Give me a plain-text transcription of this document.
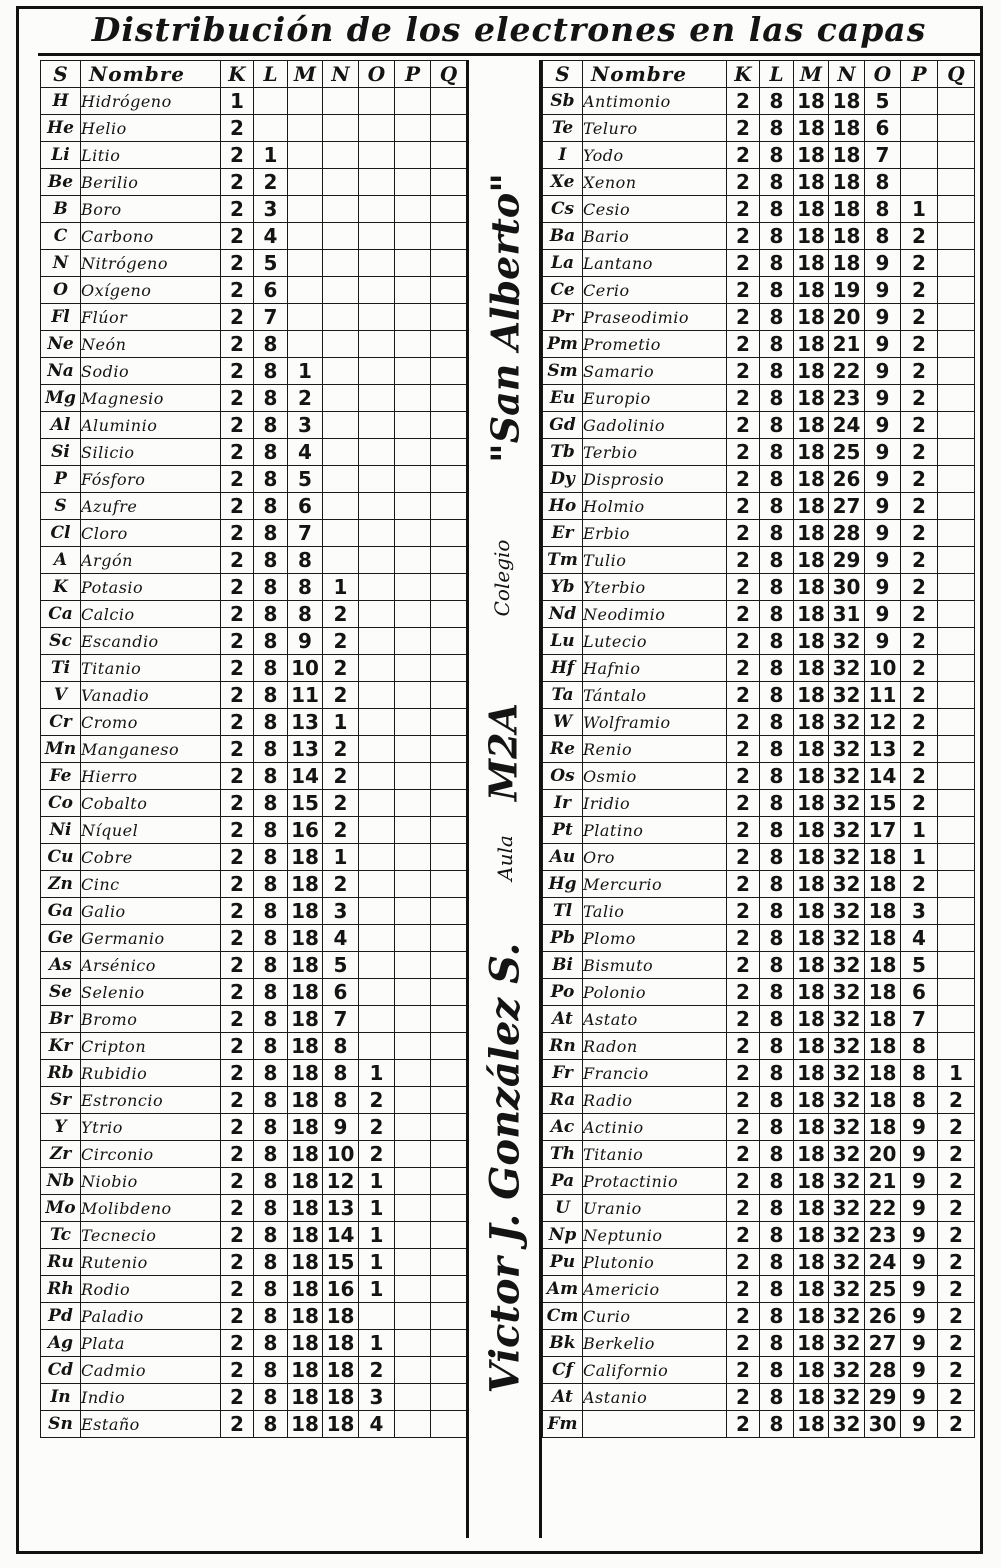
Distribución de los electrones en las capas
S	Nombre	K	L	M	N	O	P	Q
H	Hidrógeno	1						
He	Helio	2						
Li	Litio	2	1					
Be	Berilio	2	2					
B	Boro	2	3					
C	Carbono	2	4					
N	Nitrógeno	2	5					
O	Oxígeno	2	6					
Fl	Flúor	2	7					
Ne	Neón	2	8					
Na	Sodio	2	8	1				
Mg	Magnesio	2	8	2				
Al	Aluminio	2	8	3				
Si	Silicio	2	8	4				
P	Fósforo	2	8	5				
S	Azufre	2	8	6				
Cl	Cloro	2	8	7				
A	Argón	2	8	8				
K	Potasio	2	8	8	1			
Ca	Calcio	2	8	8	2			
Sc	Escandio	2	8	9	2			
Ti	Titanio	2	8	10	2			
V	Vanadio	2	8	11	2			
Cr	Cromo	2	8	13	1			
Mn	Manganeso	2	8	13	2			
Fe	Hierro	2	8	14	2			
Co	Cobalto	2	8	15	2			
Ni	Níquel	2	8	16	2			
Cu	Cobre	2	8	18	1			
Zn	Cinc	2	8	18	2			
Ga	Galio	2	8	18	3			
Ge	Germanio	2	8	18	4			
As	Arsénico	2	8	18	5			
Se	Selenio	2	8	18	6			
Br	Bromo	2	8	18	7			
Kr	Cripton	2	8	18	8			
Rb	Rubidio	2	8	18	8	1		
Sr	Estroncio	2	8	18	8	2		
Y	Ytrio	2	8	18	9	2		
Zr	Circonio	2	8	18	10	2		
Nb	Niobio	2	8	18	12	1		
Mo	Molibdeno	2	8	18	13	1		
Tc	Tecnecio	2	8	18	14	1		
Ru	Rutenio	2	8	18	15	1		
Rh	Rodio	2	8	18	16	1		
Pd	Paladio	2	8	18	18			
Ag	Plata	2	8	18	18	1		
Cd	Cadmio	2	8	18	18	2		
In	Indio	2	8	18	18	3		
Sn	Estaño	2	8	18	18	4		
"San Alberto"
Colegio
M2A
Aula
Victor J. González S.
S	Nombre	K	L	M	N	O	P	Q
Sb	Antimonio	2	8	18	18	5		
Te	Teluro	2	8	18	18	6		
I	Yodo	2	8	18	18	7		
Xe	Xenon	2	8	18	18	8		
Cs	Cesio	2	8	18	18	8	1	
Ba	Bario	2	8	18	18	8	2	
La	Lantano	2	8	18	18	9	2	
Ce	Cerio	2	8	18	19	9	2	
Pr	Praseodimio	2	8	18	20	9	2	
Pm	Prometio	2	8	18	21	9	2	
Sm	Samario	2	8	18	22	9	2	
Eu	Europio	2	8	18	23	9	2	
Gd	Gadolinio	2	8	18	24	9	2	
Tb	Terbio	2	8	18	25	9	2	
Dy	Disprosio	2	8	18	26	9	2	
Ho	Holmio	2	8	18	27	9	2	
Er	Erbio	2	8	18	28	9	2	
Tm	Tulio	2	8	18	29	9	2	
Yb	Yterbio	2	8	18	30	9	2	
Nd	Neodimio	2	8	18	31	9	2	
Lu	Lutecio	2	8	18	32	9	2	
Hf	Hafnio	2	8	18	32	10	2	
Ta	Tántalo	2	8	18	32	11	2	
W	Wolframio	2	8	18	32	12	2	
Re	Renio	2	8	18	32	13	2	
Os	Osmio	2	8	18	32	14	2	
Ir	Iridio	2	8	18	32	15	2	
Pt	Platino	2	8	18	32	17	1	
Au	Oro	2	8	18	32	18	1	
Hg	Mercurio	2	8	18	32	18	2	
Tl	Talio	2	8	18	32	18	3	
Pb	Plomo	2	8	18	32	18	4	
Bi	Bismuto	2	8	18	32	18	5	
Po	Polonio	2	8	18	32	18	6	
At	Astato	2	8	18	32	18	7	
Rn	Radon	2	8	18	32	18	8	
Fr	Francio	2	8	18	32	18	8	1
Ra	Radio	2	8	18	32	18	8	2
Ac	Actinio	2	8	18	32	18	9	2
Th	Titanio	2	8	18	32	20	9	2
Pa	Protactinio	2	8	18	32	21	9	2
U	Uranio	2	8	18	32	22	9	2
Np	Neptunio	2	8	18	32	23	9	2
Pu	Plutonio	2	8	18	32	24	9	2
Am	Americio	2	8	18	32	25	9	2
Cm	Curio	2	8	18	32	26	9	2
Bk	Berkelio	2	8	18	32	27	9	2
Cf	Californio	2	8	18	32	28	9	2
At	Astanio	2	8	18	32	29	9	2
Fm		2	8	18	32	30	9	2
